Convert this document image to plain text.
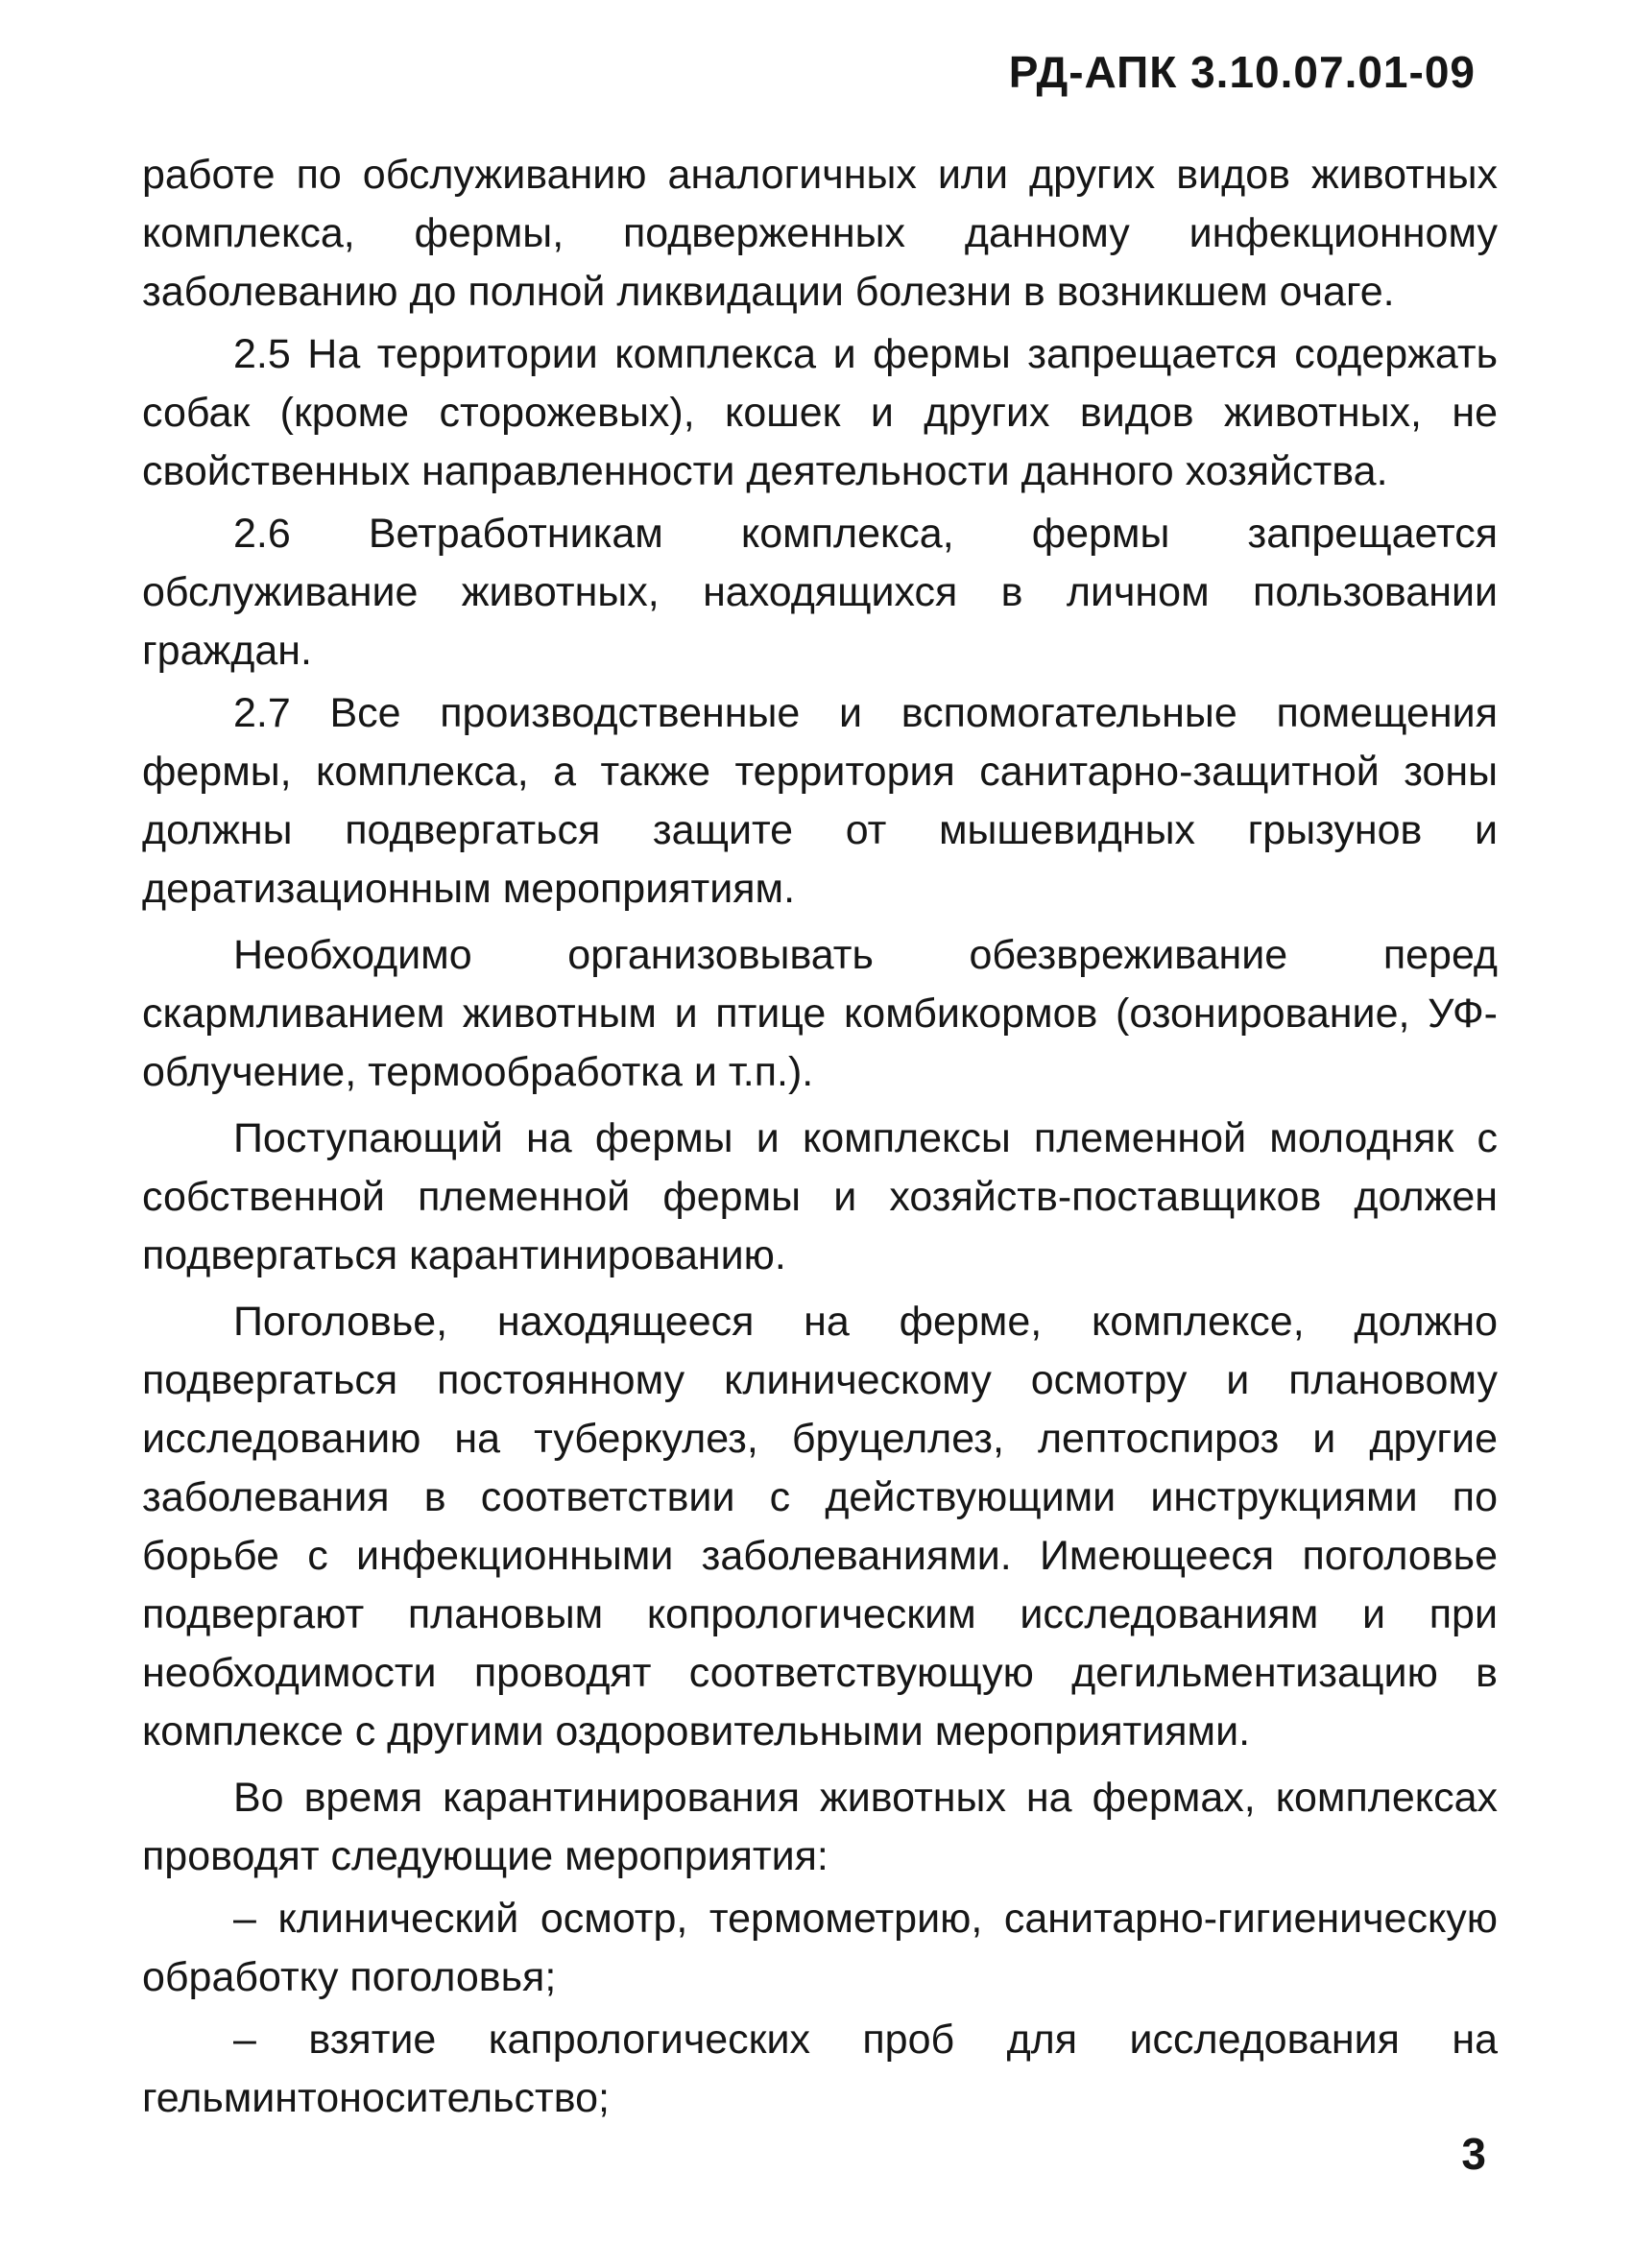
РД-АПК 3.10.07.01-09

работе по обслуживанию аналогичных или других видов животных комплекса, фермы, подверженных данному инфекционному заболеванию до полной ликвидации болезни в возникшем очаге.

2.5 На территории комплекса и фермы запрещается содержать собак (кроме сторожевых), кошек и других видов животных, не свойственных направленности деятельности данного хозяйства.

2.6 Ветработникам комплекса, фермы запрещается обслуживание животных, находящихся в личном пользовании граждан.

2.7 Все производственные и вспомогательные помещения фермы, комплекса, а также территория санитарно-защитной зоны должны подвергаться защите от мышевидных грызунов и дератизационным мероприятиям.

Необходимо организовывать обезвреживание перед скармливанием животным и птице комбикормов (озонирование, УФ-облучение, термообработка и т.п.).

Поступающий на фермы и комплексы племенной молодняк с собственной племенной фермы и хозяйств-поставщиков должен подвергаться карантинированию.

Поголовье, находящееся на ферме, комплексе, должно подвергаться постоянному клиническому осмотру и плановому исследованию на туберкулез, бруцеллез, лептоспироз и другие заболевания в соответствии с действующими инструкциями по борьбе с инфекционными заболеваниями. Имеющееся поголовье подвергают плановым копрологическим исследованиям и при необходимости проводят соответствующую дегильментизацию в комплексе с другими оздоровительными мероприятиями.

Во время карантинирования животных на фермах, комплексах проводят следующие мероприятия:

– клинический осмотр, термометрию, санитарно-гигиеническую обработку поголовья;

– взятие капрологических проб для исследования на гельминтоносительство;

3
